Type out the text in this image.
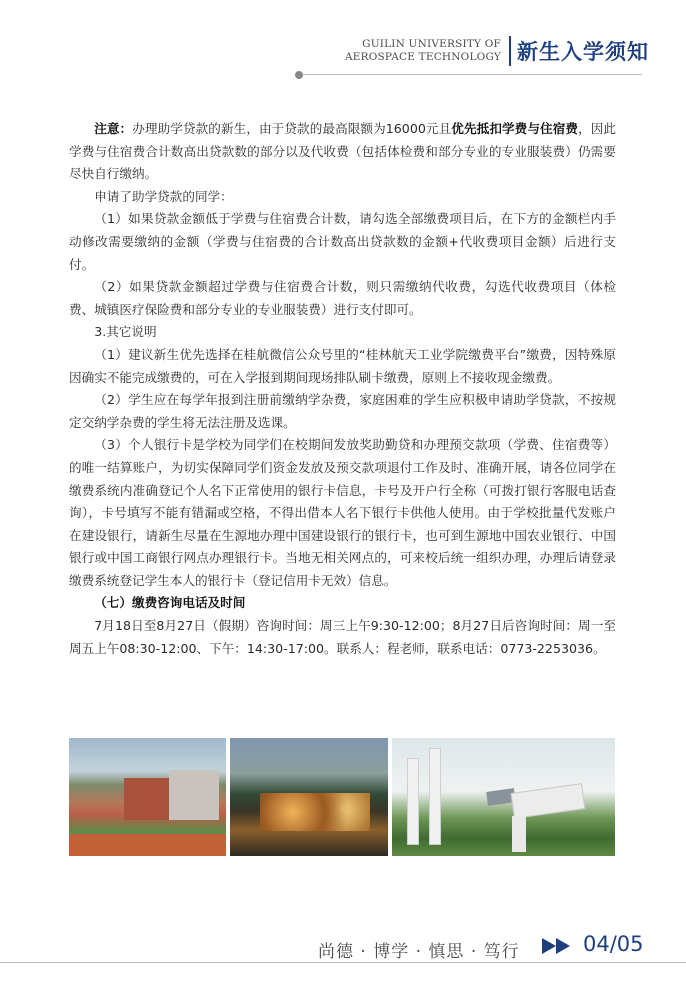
GUILIN UNIVERSITY OF
AEROSPACE TECHNOLOGY 新生入学须知

注意：办理助学贷款的新生，由于贷款的最高限额为16000元且优先抵扣学费与住宿费，因此学费与住宿费合计数高出贷款数的部分以及代收费（包括体检费和部分专业的专业服装费）仍需要尽快自行缴纳。

申请了助学贷款的同学：

（1）如果贷款金额低于学费与住宿费合计数，请勾选全部缴费项目后，在下方的金额栏内手动修改需要缴纳的金额（学费与住宿费的合计数高出贷款数的金额+代收费项目金额）后进行支付。

（2）如果贷款金额超过学费与住宿费合计数，则只需缴纳代收费，勾选代收费项目（体检费、城镇医疗保险费和部分专业的专业服装费）进行支付即可。

3.其它说明

（1）建议新生优先选择在桂航微信公众号里的“桂林航天工业学院缴费平台”缴费，因特殊原因确实不能完成缴费的，可在入学报到期间现场排队刷卡缴费，原则上不接收现金缴费。

（2）学生应在每学年报到注册前缴纳学杂费，家庭困难的学生应积极申请助学贷款，不按规定交纳学杂费的学生将无法注册及选课。

（3）个人银行卡是学校为同学们在校期间发放奖助勤贷和办理预交款项（学费、住宿费等）的唯一结算账户，为切实保障同学们资金发放及预交款项退付工作及时、准确开展，请各位同学在缴费系统内准确登记个人名下正常使用的银行卡信息，卡号及开户行全称（可拨打银行客服电话查询），卡号填写不能有错漏或空格，不得出借本人名下银行卡供他人使用。由于学校批量代发账户在建设银行，请新生尽量在生源地办理中国建设银行的银行卡，也可到生源地中国农业银行、中国银行或中国工商银行网点办理银行卡。当地无相关网点的，可来校后统一组织办理，办理后请登录缴费系统登记学生本人的银行卡（登记信用卡无效）信息。

（七）缴费咨询电话及时间

7月18日至8月27日（假期）咨询时间：周三上午9:30-12:00；8月27日后咨询时间：周一至周五上午08:30-12:00、下午：14:30-17:00。联系人：程老师，联系电话：0773-2253036。

尚德 · 博学 · 慎思 · 笃行	04/05
